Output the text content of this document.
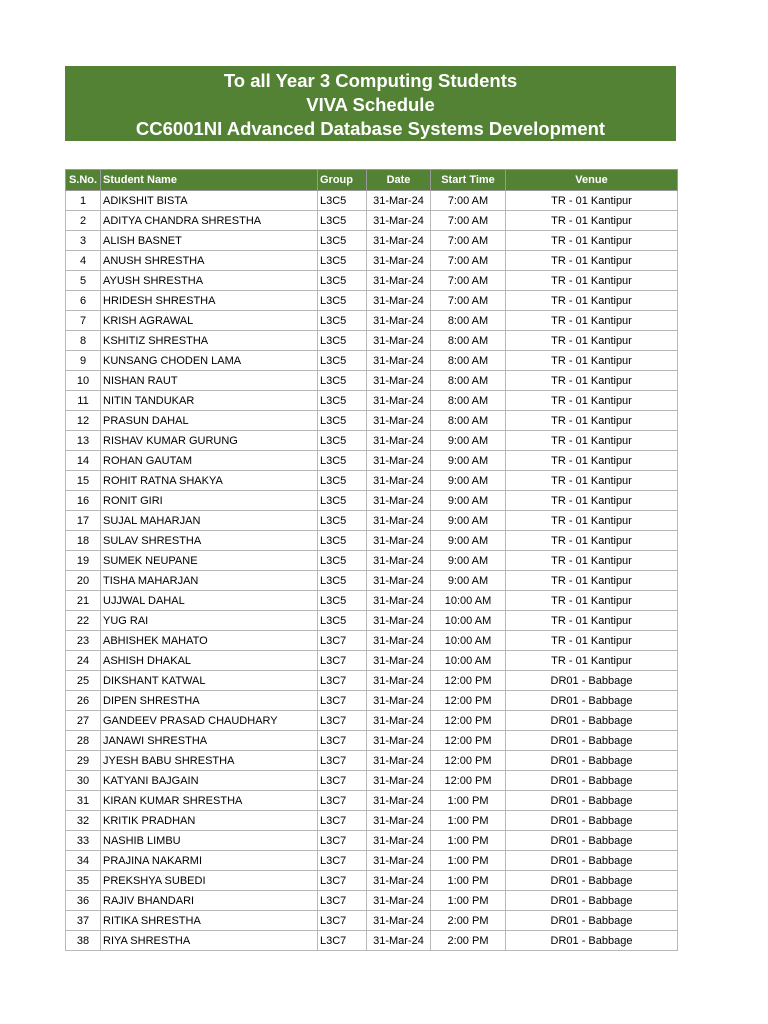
To all Year 3 Computing Students
VIVA Schedule
CC6001NI Advanced Database Systems Development
S.No.	Student Name	Group	Date	Start Time	Venue
1	ADIKSHIT BISTA	L3C5	31-Mar-24	7:00 AM	TR - 01 Kantipur
2	ADITYA CHANDRA SHRESTHA	L3C5	31-Mar-24	7:00 AM	TR - 01 Kantipur
3	ALISH BASNET	L3C5	31-Mar-24	7:00 AM	TR - 01 Kantipur
4	ANUSH SHRESTHA	L3C5	31-Mar-24	7:00 AM	TR - 01 Kantipur
5	AYUSH SHRESTHA	L3C5	31-Mar-24	7:00 AM	TR - 01 Kantipur
6	HRIDESH SHRESTHA	L3C5	31-Mar-24	7:00 AM	TR - 01 Kantipur
7	KRISH AGRAWAL	L3C5	31-Mar-24	8:00 AM	TR - 01 Kantipur
8	KSHITIZ SHRESTHA	L3C5	31-Mar-24	8:00 AM	TR - 01 Kantipur
9	KUNSANG CHODEN LAMA	L3C5	31-Mar-24	8:00 AM	TR - 01 Kantipur
10	NISHAN RAUT	L3C5	31-Mar-24	8:00 AM	TR - 01 Kantipur
11	NITIN TANDUKAR	L3C5	31-Mar-24	8:00 AM	TR - 01 Kantipur
12	PRASUN DAHAL	L3C5	31-Mar-24	8:00 AM	TR - 01 Kantipur
13	RISHAV KUMAR GURUNG	L3C5	31-Mar-24	9:00 AM	TR - 01 Kantipur
14	ROHAN GAUTAM	L3C5	31-Mar-24	9:00 AM	TR - 01 Kantipur
15	ROHIT RATNA SHAKYA	L3C5	31-Mar-24	9:00 AM	TR - 01 Kantipur
16	RONIT GIRI	L3C5	31-Mar-24	9:00 AM	TR - 01 Kantipur
17	SUJAL MAHARJAN	L3C5	31-Mar-24	9:00 AM	TR - 01 Kantipur
18	SULAV SHRESTHA	L3C5	31-Mar-24	9:00 AM	TR - 01 Kantipur
19	SUMEK NEUPANE	L3C5	31-Mar-24	9:00 AM	TR - 01 Kantipur
20	TISHA MAHARJAN	L3C5	31-Mar-24	9:00 AM	TR - 01 Kantipur
21	UJJWAL DAHAL	L3C5	31-Mar-24	10:00 AM	TR - 01 Kantipur
22	YUG RAI	L3C5	31-Mar-24	10:00 AM	TR - 01 Kantipur
23	ABHISHEK MAHATO	L3C7	31-Mar-24	10:00 AM	TR - 01 Kantipur
24	ASHISH DHAKAL	L3C7	31-Mar-24	10:00 AM	TR - 01 Kantipur
25	DIKSHANT KATWAL	L3C7	31-Mar-24	12:00 PM	DR01 - Babbage
26	DIPEN SHRESTHA	L3C7	31-Mar-24	12:00 PM	DR01 - Babbage
27	GANDEEV PRASAD CHAUDHARY	L3C7	31-Mar-24	12:00 PM	DR01 - Babbage
28	JANAWI SHRESTHA	L3C7	31-Mar-24	12:00 PM	DR01 - Babbage
29	JYESH BABU SHRESTHA	L3C7	31-Mar-24	12:00 PM	DR01 - Babbage
30	KATYANI BAJGAIN	L3C7	31-Mar-24	12:00 PM	DR01 - Babbage
31	KIRAN KUMAR SHRESTHA	L3C7	31-Mar-24	1:00 PM	DR01 - Babbage
32	KRITIK PRADHAN	L3C7	31-Mar-24	1:00 PM	DR01 - Babbage
33	NASHIB LIMBU	L3C7	31-Mar-24	1:00 PM	DR01 - Babbage
34	PRAJINA NAKARMI	L3C7	31-Mar-24	1:00 PM	DR01 - Babbage
35	PREKSHYA SUBEDI	L3C7	31-Mar-24	1:00 PM	DR01 - Babbage
36	RAJIV BHANDARI	L3C7	31-Mar-24	1:00 PM	DR01 - Babbage
37	RITIKA SHRESTHA	L3C7	31-Mar-24	2:00 PM	DR01 - Babbage
38	RIYA SHRESTHA	L3C7	31-Mar-24	2:00 PM	DR01 - Babbage
